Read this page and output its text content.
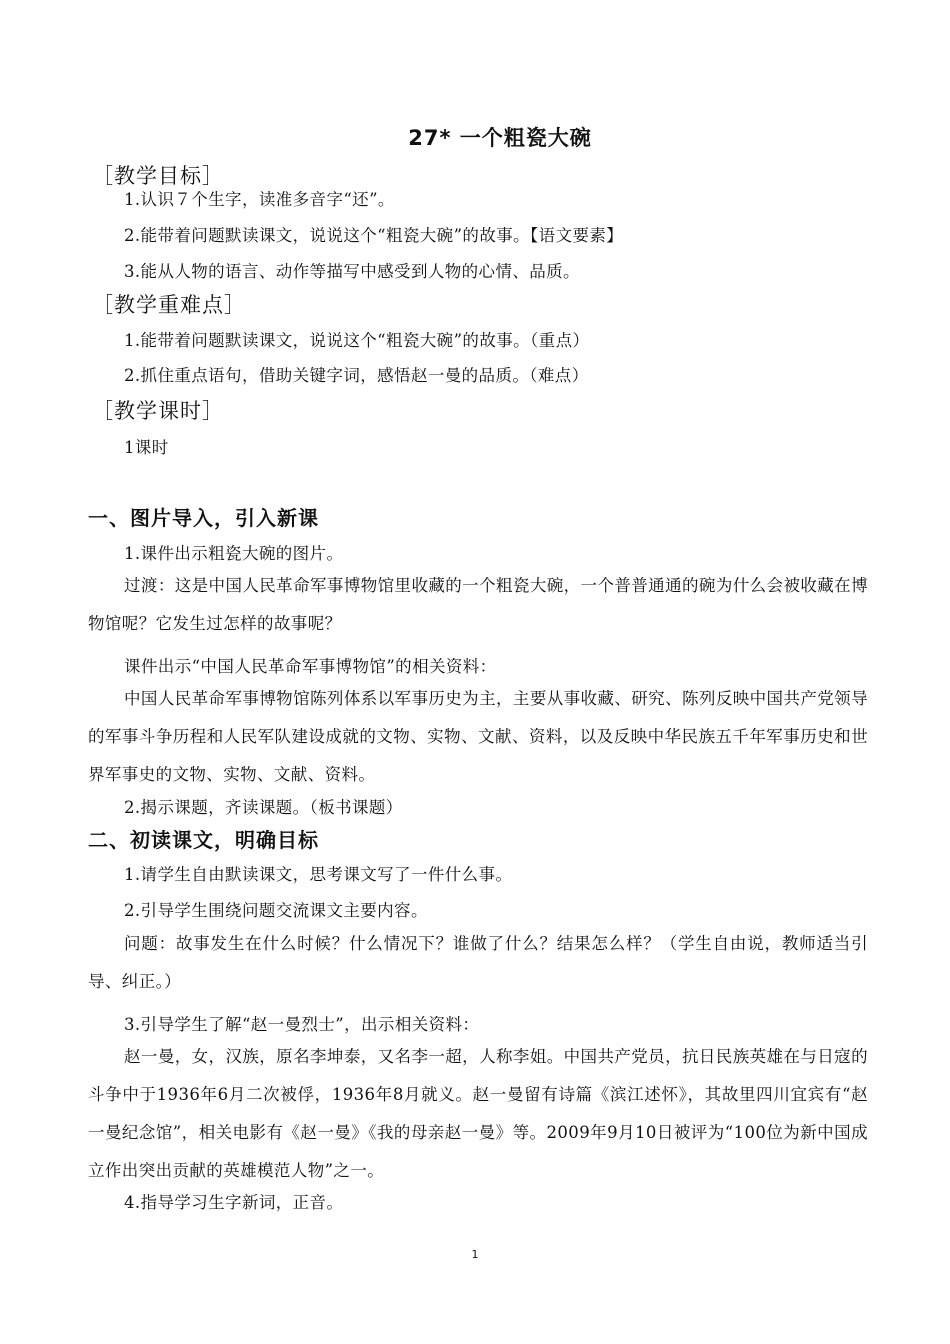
27* 一个粗瓷大碗
［教学目标］
1.认识７个生字，读准多音字“还”。
2.能带着问题默读课文，说说这个“粗瓷大碗”的故事。【语文要素】
3.能从人物的语言、动作等描写中感受到人物的心情、品质。
［教学重难点］
1.能带着问题默读课文，说说这个“粗瓷大碗”的故事。（重点）
2.抓住重点语句，借助关键字词，感悟赵一曼的品质。（难点）
［教学课时］
1课时
一、图片导入，引入新课
1.课件出示粗瓷大碗的图片。
过渡：这是中国人民革命军事博物馆里收藏的一个粗瓷大碗，一个普普通通的碗为什么会被收藏在博物馆呢？它发生过怎样的故事呢？
课件出示“中国人民革命军事博物馆”的相关资料：
中国人民革命军事博物馆陈列体系以军事历史为主，主要从事收藏、研究、陈列反映中国共产党领导的军事斗争历程和人民军队建设成就的文物、实物、文献、资料，以及反映中华民族五千年军事历史和世界军事史的文物、实物、文献、资料。
2.揭示课题，齐读课题。（板书课题）
二、初读课文，明确目标
1.请学生自由默读课文，思考课文写了一件什么事。
2.引导学生围绕问题交流课文主要内容。
问题：故事发生在什么时候？什么情况下？谁做了什么？结果怎么样？（学生自由说，教师适当引导、纠正。）
3.引导学生了解“赵一曼烈士”，出示相关资料：
赵一曼，女，汉族，原名李坤泰，又名李一超，人称李姐。中国共产党员，抗日民族英雄在与日寇的斗争中于1936年6月二次被俘，1936年8月就义。赵一曼留有诗篇《滨江述怀》，其故里四川宜宾有“赵一曼纪念馆”，相关电影有《赵一曼》《我的母亲赵一曼》等。2009年9月10日被评为“100位为新中国成立作出突出贡献的英雄模范人物”之一。
4.指导学习生字新词，正音。
1
